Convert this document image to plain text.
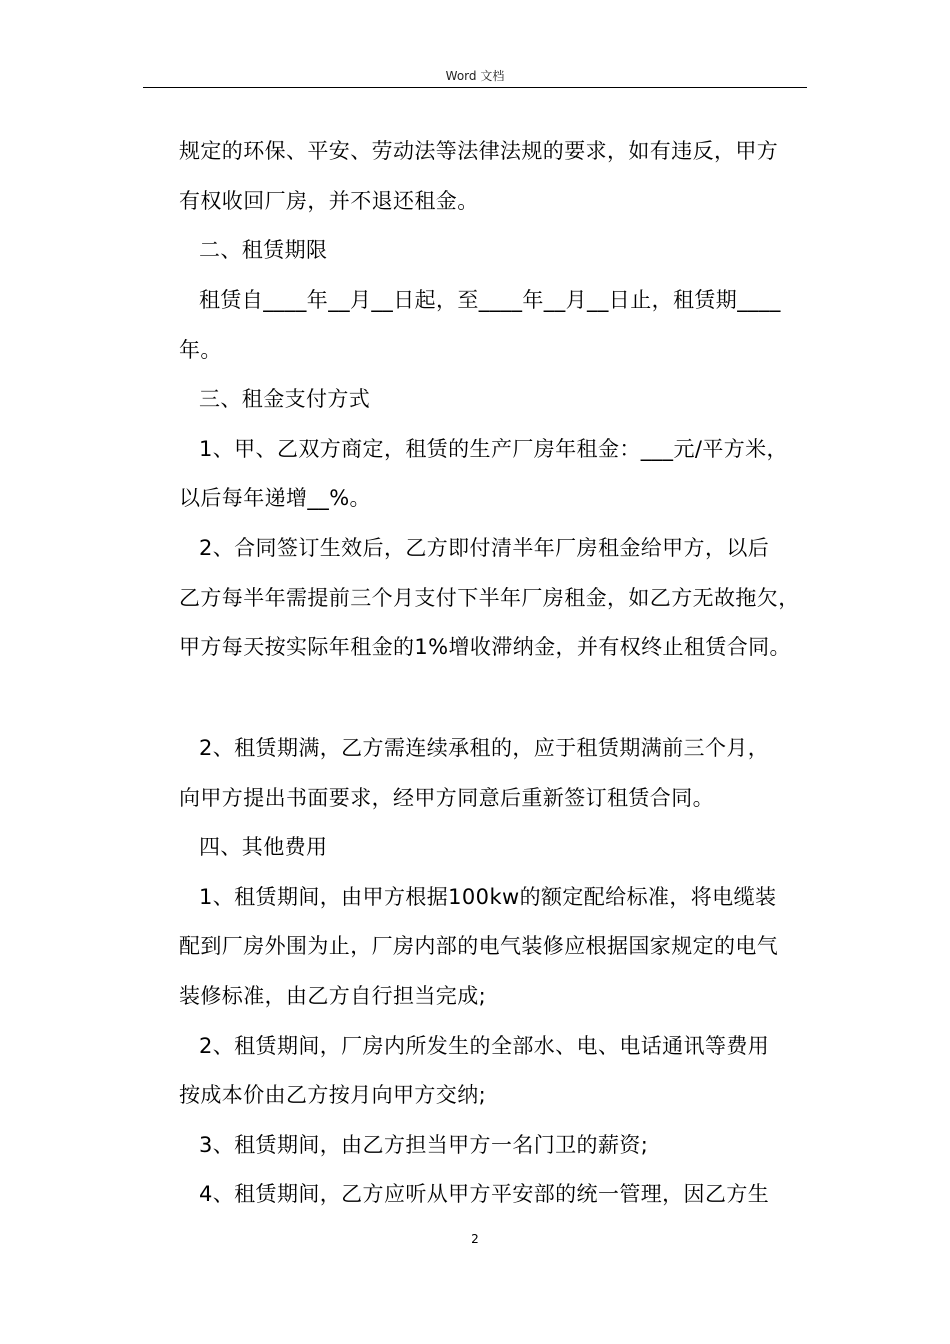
Word 文档
规定的环保、平安、劳动法等法律法规的要求，如有违反，甲方
有权收回厂房，并不退还租金。
二、租赁期限
租赁自____年__月__日起，至____年__月__日止，租赁期____
年。
三、租金支付方式
1、甲、乙双方商定，租赁的生产厂房年租金：___元/平方米，
以后每年递增__%。
2、合同签订生效后，乙方即付清半年厂房租金给甲方，以后
乙方每半年需提前三个月支付下半年厂房租金，如乙方无故拖欠，
甲方每天按实际年租金的1%增收滞纳金，并有权终止租赁合同。
2、租赁期满，乙方需连续承租的，应于租赁期满前三个月，
向甲方提出书面要求，经甲方同意后重新签订租赁合同。
四、其他费用
1、租赁期间，由甲方根据100kw的额定配给标准，将电缆装
配到厂房外围为止，厂房内部的电气装修应根据国家规定的电气
装修标准，由乙方自行担当完成;
2、租赁期间，厂房内所发生的全部水、电、电话通讯等费用
按成本价由乙方按月向甲方交纳;
3、租赁期间，由乙方担当甲方一名门卫的薪资;
4、租赁期间，乙方应听从甲方平安部的统一管理，因乙方生
2
